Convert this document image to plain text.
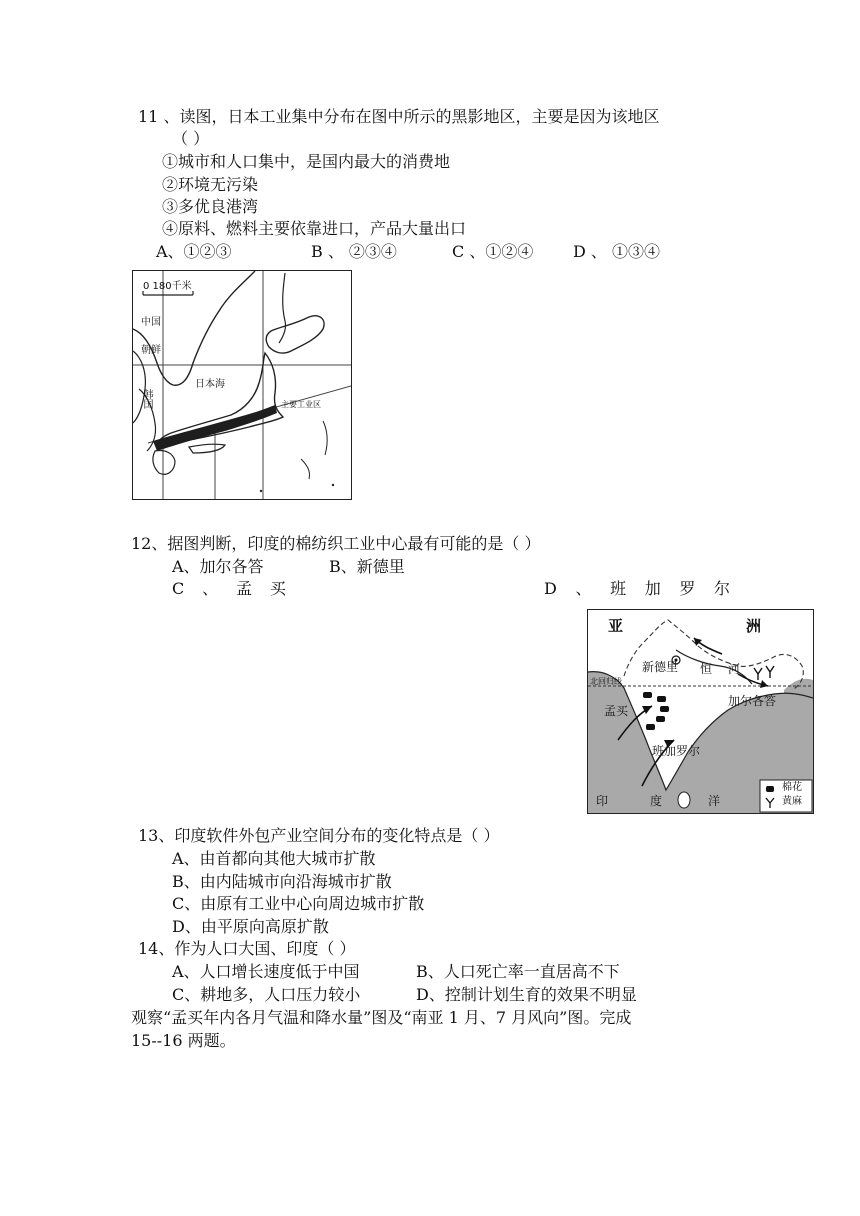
11 、读图，日本工业集中分布在图中所示的黑影地区，主要是因为该地区
（ ）
①城市和人口集中，是国内最大的消费地
②环境无污染
③多优良港湾
④原料、燃料主要依靠进口，产品大量出口
A、①②③	B 、 ②③④	C 、①②④ D 、 ①③④
0 180千米
中国
朝鲜
韩国
日本海
主要工业区
12、据图判断，印度的棉纺织工业中心最有可能的是（ ）
A、加尔各答	B、新德里
C 、 孟 买	D 、 班 加 罗 尔
亚	洲
新德里 恒 河
北回归线
孟买
加尔各答
班加罗尔
印	度	洋
棉花
黄麻
13、印度软件外包产业空间分布的变化特点是（ ）
A、由首都向其他大城市扩散
B、由内陆城市向沿海城市扩散
C、由原有工业中心向周边城市扩散
D、由平原向高原扩散
14、作为人口大国、印度（ ）
A、人口增长速度低于中国	B、人口死亡率一直居高不下
C、耕地多，人口压力较小	D、控制计划生育的效果不明显
观察“孟买年内各月气温和降水量”图及“南亚 1 月、7 月风向”图。完成
15--16 两题。
